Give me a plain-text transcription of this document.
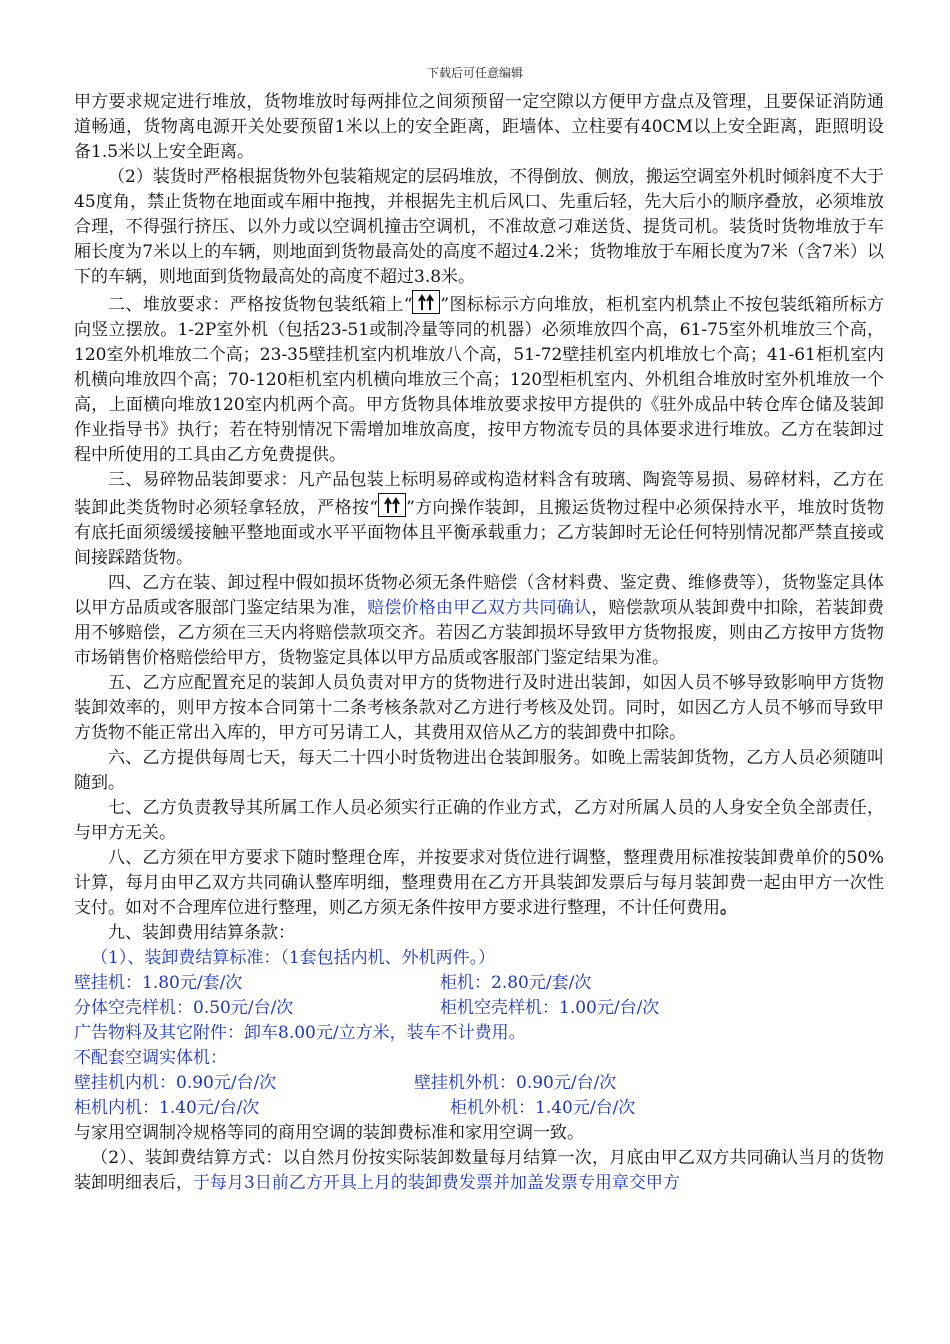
下载后可任意编辑

甲方要求规定进行堆放，货物堆放时每两排位之间须预留一定空隙以方便甲方盘点及管理，且要保证消防通道畅通，货物离电源开关处要预留1米以上的安全距离，距墙体、立柱要有40CM以上安全距离，距照明设备1.5米以上安全距离。

（2）装货时严格根据货物外包装箱规定的层码堆放，不得倒放、侧放，搬运空调室外机时倾斜度不大于45度角，禁止货物在地面或车厢中拖拽，并根据先主机后风口、先重后轻，先大后小的顺序叠放，必须堆放合理，不得强行挤压、以外力或以空调机撞击空调机，不准故意刁难送货、提货司机。装货时货物堆放于车厢长度为7米以上的车辆，则地面到货物最高处的高度不超过4.2米；货物堆放于车厢长度为7米（含7米）以下的车辆，则地面到货物最高处的高度不超过3.8米。

二、堆放要求：严格按货物包装纸箱上“ ”图标标示方向堆放，柜机室内机禁止不按包装纸箱所标方向竖立摆放。1-2P室外机（包括23-51或制冷量等同的机器）必须堆放四个高，61-75室外机堆放三个高，120室外机堆放二个高；23-35壁挂机室内机堆放八个高，51-72壁挂机室内机堆放七个高；41-61柜机室内机横向堆放四个高；70-120柜机室内机横向堆放三个高；120型柜机室内、外机组合堆放时室外机堆放一个高，上面横向堆放120室内机两个高。甲方货物具体堆放要求按甲方提供的《驻外成品中转仓库仓储及装卸作业指导书》执行；若在特别情况下需增加堆放高度，按甲方物流专员的具体要求进行堆放。乙方在装卸过程中所使用的工具由乙方免费提供。

三、易碎物品装卸要求：凡产品包装上标明易碎或构造材料含有玻璃、陶瓷等易损、易碎材料，乙方在装卸此类货物时必须轻拿轻放，严格按“ ”方向操作装卸，且搬运货物过程中必须保持水平，堆放时货物有底托面须缓缓接触平整地面或水平平面物体且平衡承载重力；乙方装卸时无论任何特别情况都严禁直接或间接踩踏货物。

四、乙方在装、卸过程中假如损坏货物必须无条件赔偿（含材料费、鉴定费、维修费等），货物鉴定具体以甲方品质或客服部门鉴定结果为准，赔偿价格由甲乙双方共同确认，赔偿款项从装卸费中扣除，若装卸费用不够赔偿，乙方须在三天内将赔偿款项交齐。若因乙方装卸损坏导致甲方货物报废，则由乙方按甲方货物市场销售价格赔偿给甲方，货物鉴定具体以甲方品质或客服部门鉴定结果为准。

五、乙方应配置充足的装卸人员负责对甲方的货物进行及时进出装卸，如因人员不够导致影响甲方货物装卸效率的，则甲方按本合同第十二条考核条款对乙方进行考核及处罚。同时，如因乙方人员不够而导致甲方货物不能正常出入库的，甲方可另请工人，其费用双倍从乙方的装卸费中扣除。

六、乙方提供每周七天，每天二十四小时货物进出仓装卸服务。如晚上需装卸货物，乙方人员必须随叫随到。

七、乙方负责教导其所属工作人员必须实行正确的作业方式，乙方对所属人员的人身安全负全部责任，与甲方无关。

八、乙方须在甲方要求下随时整理仓库，并按要求对货位进行调整，整理费用标准按装卸费单价的50%计算，每月由甲乙双方共同确认整库明细，整理费用在乙方开具装卸发票后与每月装卸费一起由甲方一次性支付。如对不合理库位进行整理，则乙方须无条件按甲方要求进行整理，不计任何费用。

九、装卸费用结算条款：

（1）、装卸费结算标准：（1套包括内机、外机两件。）

壁挂机：1.80元/套/次	柜机：2.80元/套/次
分体空壳样机：0.50元/台/次	柜机空壳样机：1.00元/台/次

广告物料及其它附件：卸车8.00元/立方米，装车不计费用。

不配套空调实体机：

壁挂机内机：0.90元/台/次	壁挂机外机：0.90元/台/次
柜机内机：1.40元/台/次	柜机外机：1.40元/台/次

与家用空调制冷规格等同的商用空调的装卸费标准和家用空调一致。

（2）、装卸费结算方式：以自然月份按实际装卸数量每月结算一次，月底由甲乙双方共同确认当月的货物装卸明细表后，于每月3日前乙方开具上月的装卸费发票并加盖发票专用章交甲方
